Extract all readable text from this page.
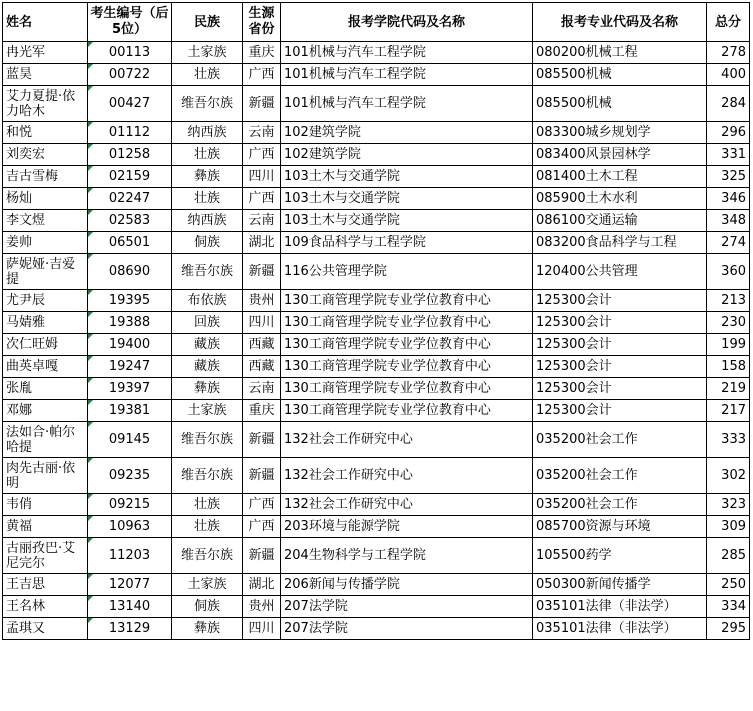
姓名	考生编号（后5位）	民族	生源省份	报考学院代码及名称	报考专业代码及名称	总分
冉光军	00113	土家族	重庆	101机械与汽车工程学院	080200机械工程	278
蓝昊	00722	壮族	广西	101机械与汽车工程学院	085500机械	400
艾力夏提·依力哈木	00427	维吾尔族	新疆	101机械与汽车工程学院	085500机械	284
和悦	01112	纳西族	云南	102建筑学院	083300城乡规划学	296
刘奕宏	01258	壮族	广西	102建筑学院	083400风景园林学	331
吉古雪梅	02159	彝族	四川	103土木与交通学院	081400土木工程	325
杨灿	02247	壮族	广西	103土木与交通学院	085900土木水利	346
李文煜	02583	纳西族	云南	103土木与交通学院	086100交通运输	348
姜帅	06501	侗族	湖北	109食品科学与工程学院	083200食品科学与工程	274
萨妮娅·吉爱提	08690	维吾尔族	新疆	116公共管理学院	120400公共管理	360
尤尹辰	19395	布依族	贵州	130工商管理学院专业学位教育中心	125300会计	213
马婧雅	19388	回族	四川	130工商管理学院专业学位教育中心	125300会计	230
次仁旺姆	19400	藏族	西藏	130工商管理学院专业学位教育中心	125300会计	199
曲英卓嘎	19247	藏族	西藏	130工商管理学院专业学位教育中心	125300会计	158
张胤	19397	彝族	云南	130工商管理学院专业学位教育中心	125300会计	219
邓娜	19381	土家族	重庆	130工商管理学院专业学位教育中心	125300会计	217
法如合·帕尔哈提	09145	维吾尔族	新疆	132社会工作研究中心	035200社会工作	333
肉先古丽·依明	09235	维吾尔族	新疆	132社会工作研究中心	035200社会工作	302
韦俏	09215	壮族	广西	132社会工作研究中心	035200社会工作	323
黄福	10963	壮族	广西	203环境与能源学院	085700资源与环境	309
古丽孜巴·艾尼完尔	11203	维吾尔族	新疆	204生物科学与工程学院	105500药学	285
王吉思	12077	土家族	湖北	206新闻与传播学院	050300新闻传播学	250
王名林	13140	侗族	贵州	207法学院	035101法律（非法学）	334
孟琪又	13129	彝族	四川	207法学院	035101法律（非法学）	295
